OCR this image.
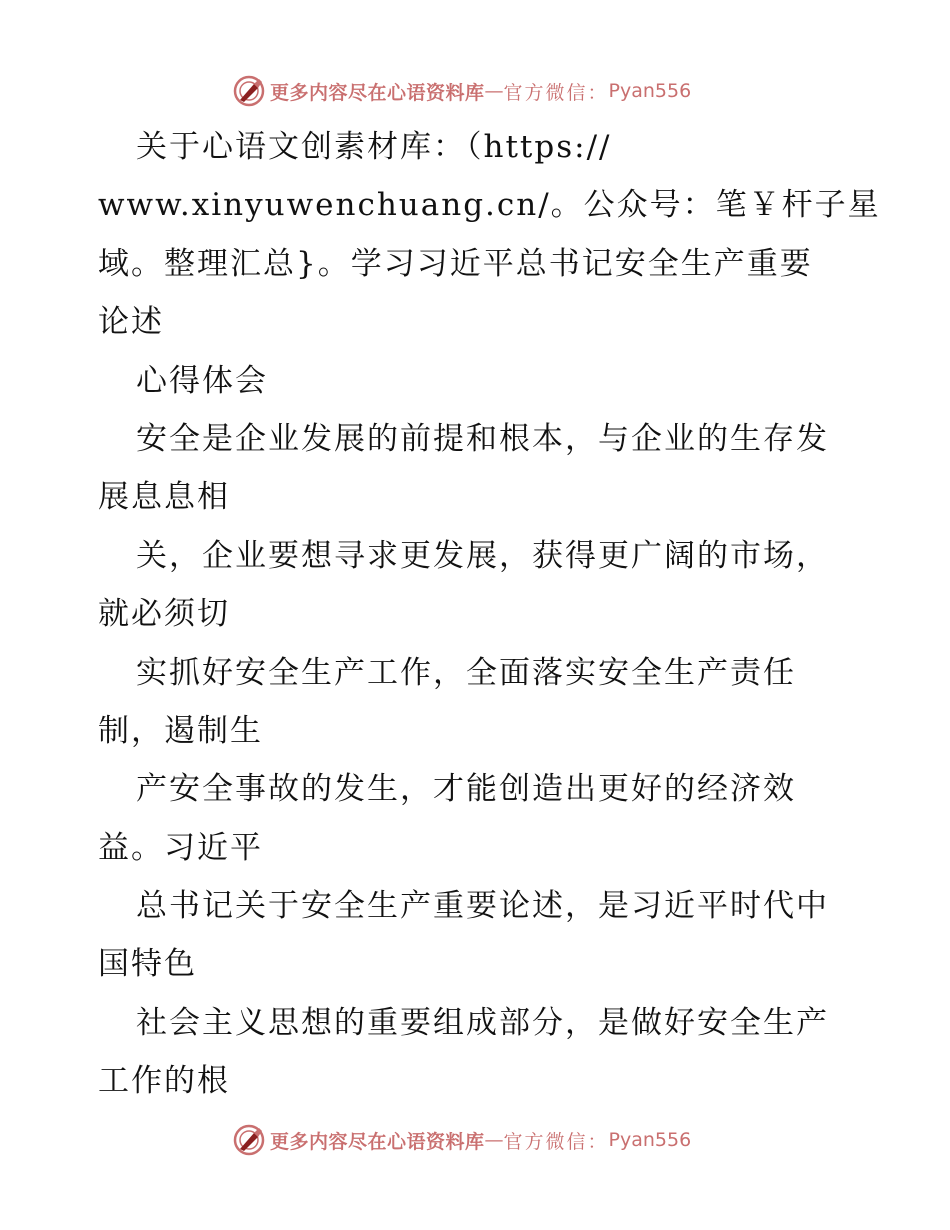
更多内容尽在心语资料库 — 官方微信： Pyan556
关于心语文创素材库：（https://
www.xinyuwenchuang.cn/。公众号：笔￥杆子星
域。整理汇总}。学习习近平总书记安全生产重要
论述
心得体会
安全是企业发展的前提和根本，与企业的生存发
展息息相
关，企业要想寻求更发展，获得更广阔的市场，
就必须切
实抓好安全生产工作，全面落实安全生产责任
制，遏制生
产安全事故的发生，才能创造出更好的经济效
益。习近平
总书记关于安全生产重要论述，是习近平时代中
国特色
社会主义思想的重要组成部分，是做好安全生产
工作的根
更多内容尽在心语资料库 — 官方微信： Pyan556
